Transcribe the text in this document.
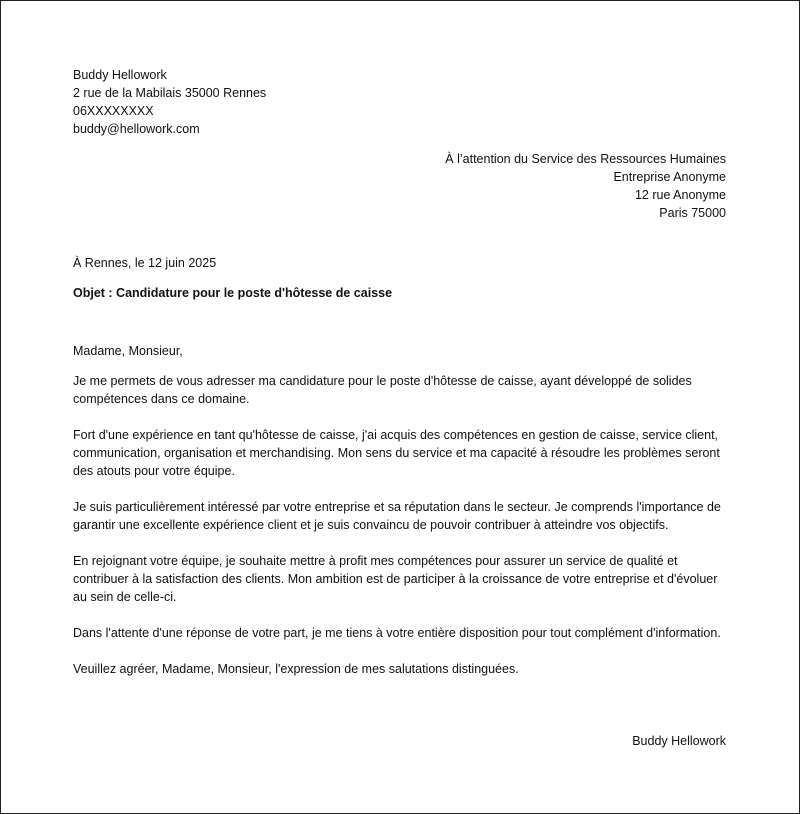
Buddy Hellowork
2 rue de la Mabilais 35000 Rennes
06XXXXXXXX
buddy@hellowork.com
À l’attention du Service des Ressources Humaines
Entreprise Anonyme
12 rue Anonyme
Paris 75000
À Rennes, le 12 juin 2025
Objet : Candidature pour le poste d'hôtesse de caisse

Madame, Monsieur,

Je me permets de vous adresser ma candidature pour le poste d'hôtesse de caisse, ayant développé de solides compétences dans ce domaine.

Fort d'une expérience en tant qu'hôtesse de caisse, j'ai acquis des compétences en gestion de caisse, service client, communication, organisation et merchandising. Mon sens du service et ma capacité à résoudre les problèmes seront des atouts pour votre équipe.

Je suis particulièrement intéressé par votre entreprise et sa réputation dans le secteur. Je comprends l'importance de garantir une excellente expérience client et je suis convaincu de pouvoir contribuer à atteindre vos objectifs.

En rejoignant votre équipe, je souhaite mettre à profit mes compétences pour assurer un service de qualité et contribuer à la satisfaction des clients. Mon ambition est de participer à la croissance de votre entreprise et d'évoluer au sein de celle-ci.

Dans l'attente d'une réponse de votre part, je me tiens à votre entière disposition pour tout complément d'information.

Veuillez agréer, Madame, Monsieur, l'expression de mes salutations distinguées.

Buddy Hellowork
